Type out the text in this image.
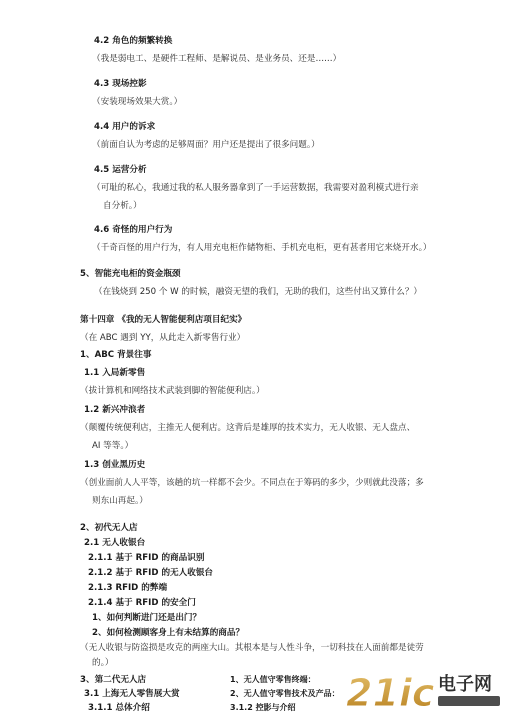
4.2 角色的频繁转换
（我是弱电工、是硬件工程师、是解说员、是业务员、还是……）
4.3 现场控影
（安装现场效果大赏。）
4.4 用户的诉求
（前面自认为考虑的足够周面？用户还是提出了很多问题。）
4.5 运营分析
（可耻的私心，我通过我的私人服务器拿到了一手运营数据，我需要对盈利模式进行亲
自分析。）
4.6 奇怪的用户行为
（千奇百怪的用户行为，有人用充电柜作储物柜、手机充电柜，更有甚者用它来烧开水。）
5、智能充电柜的资金瓶颈
（在钱烧到 250 个 W 的时候，融资无望的我们，无助的我们，这些付出又算什么？）
第十四章 《我的无人智能便利店项目纪实》
（在 ABC 遇到 YY，从此走入新零售行业）
1、ABC 背景往事
1.1 入局新零售
（拔计算机和网络技术武装到脚的智能便利店。）
1.2 新兴冲浪者
（颠覆传统便利店，主推无人便利店。这背后是雄厚的技术实力，无人收银、无人盘点、
AI 等等。）
1.3 创业黑历史
（创业面前人人平等，该趟的坑一样都不会少。不同点在于筹码的多少，少则就此没落；多
则东山再起。）
2、初代无人店
2.1 无人收银台
2.1.1 基于 RFID 的商品识别
2.1.2 基于 RFID 的无人收银台
2.1.3 RFID 的弊端
2.1.4 基于 RFID 的安全门
1、如何判断进门还是出门？
2、如何检测顾客身上有未结算的商品？
（无人收银与防盗损是攻克的两座大山。其根本是与人性斗争，一切科技在人面前都是徒劳
的。）
3、第二代无人店
3.1 上海无人零售展大赏
3.1.1 总体介绍
1、无人值守零售终端：
2、无人值守零售技术及产品：
3.1.2 控影与介绍 21ic 电子网
